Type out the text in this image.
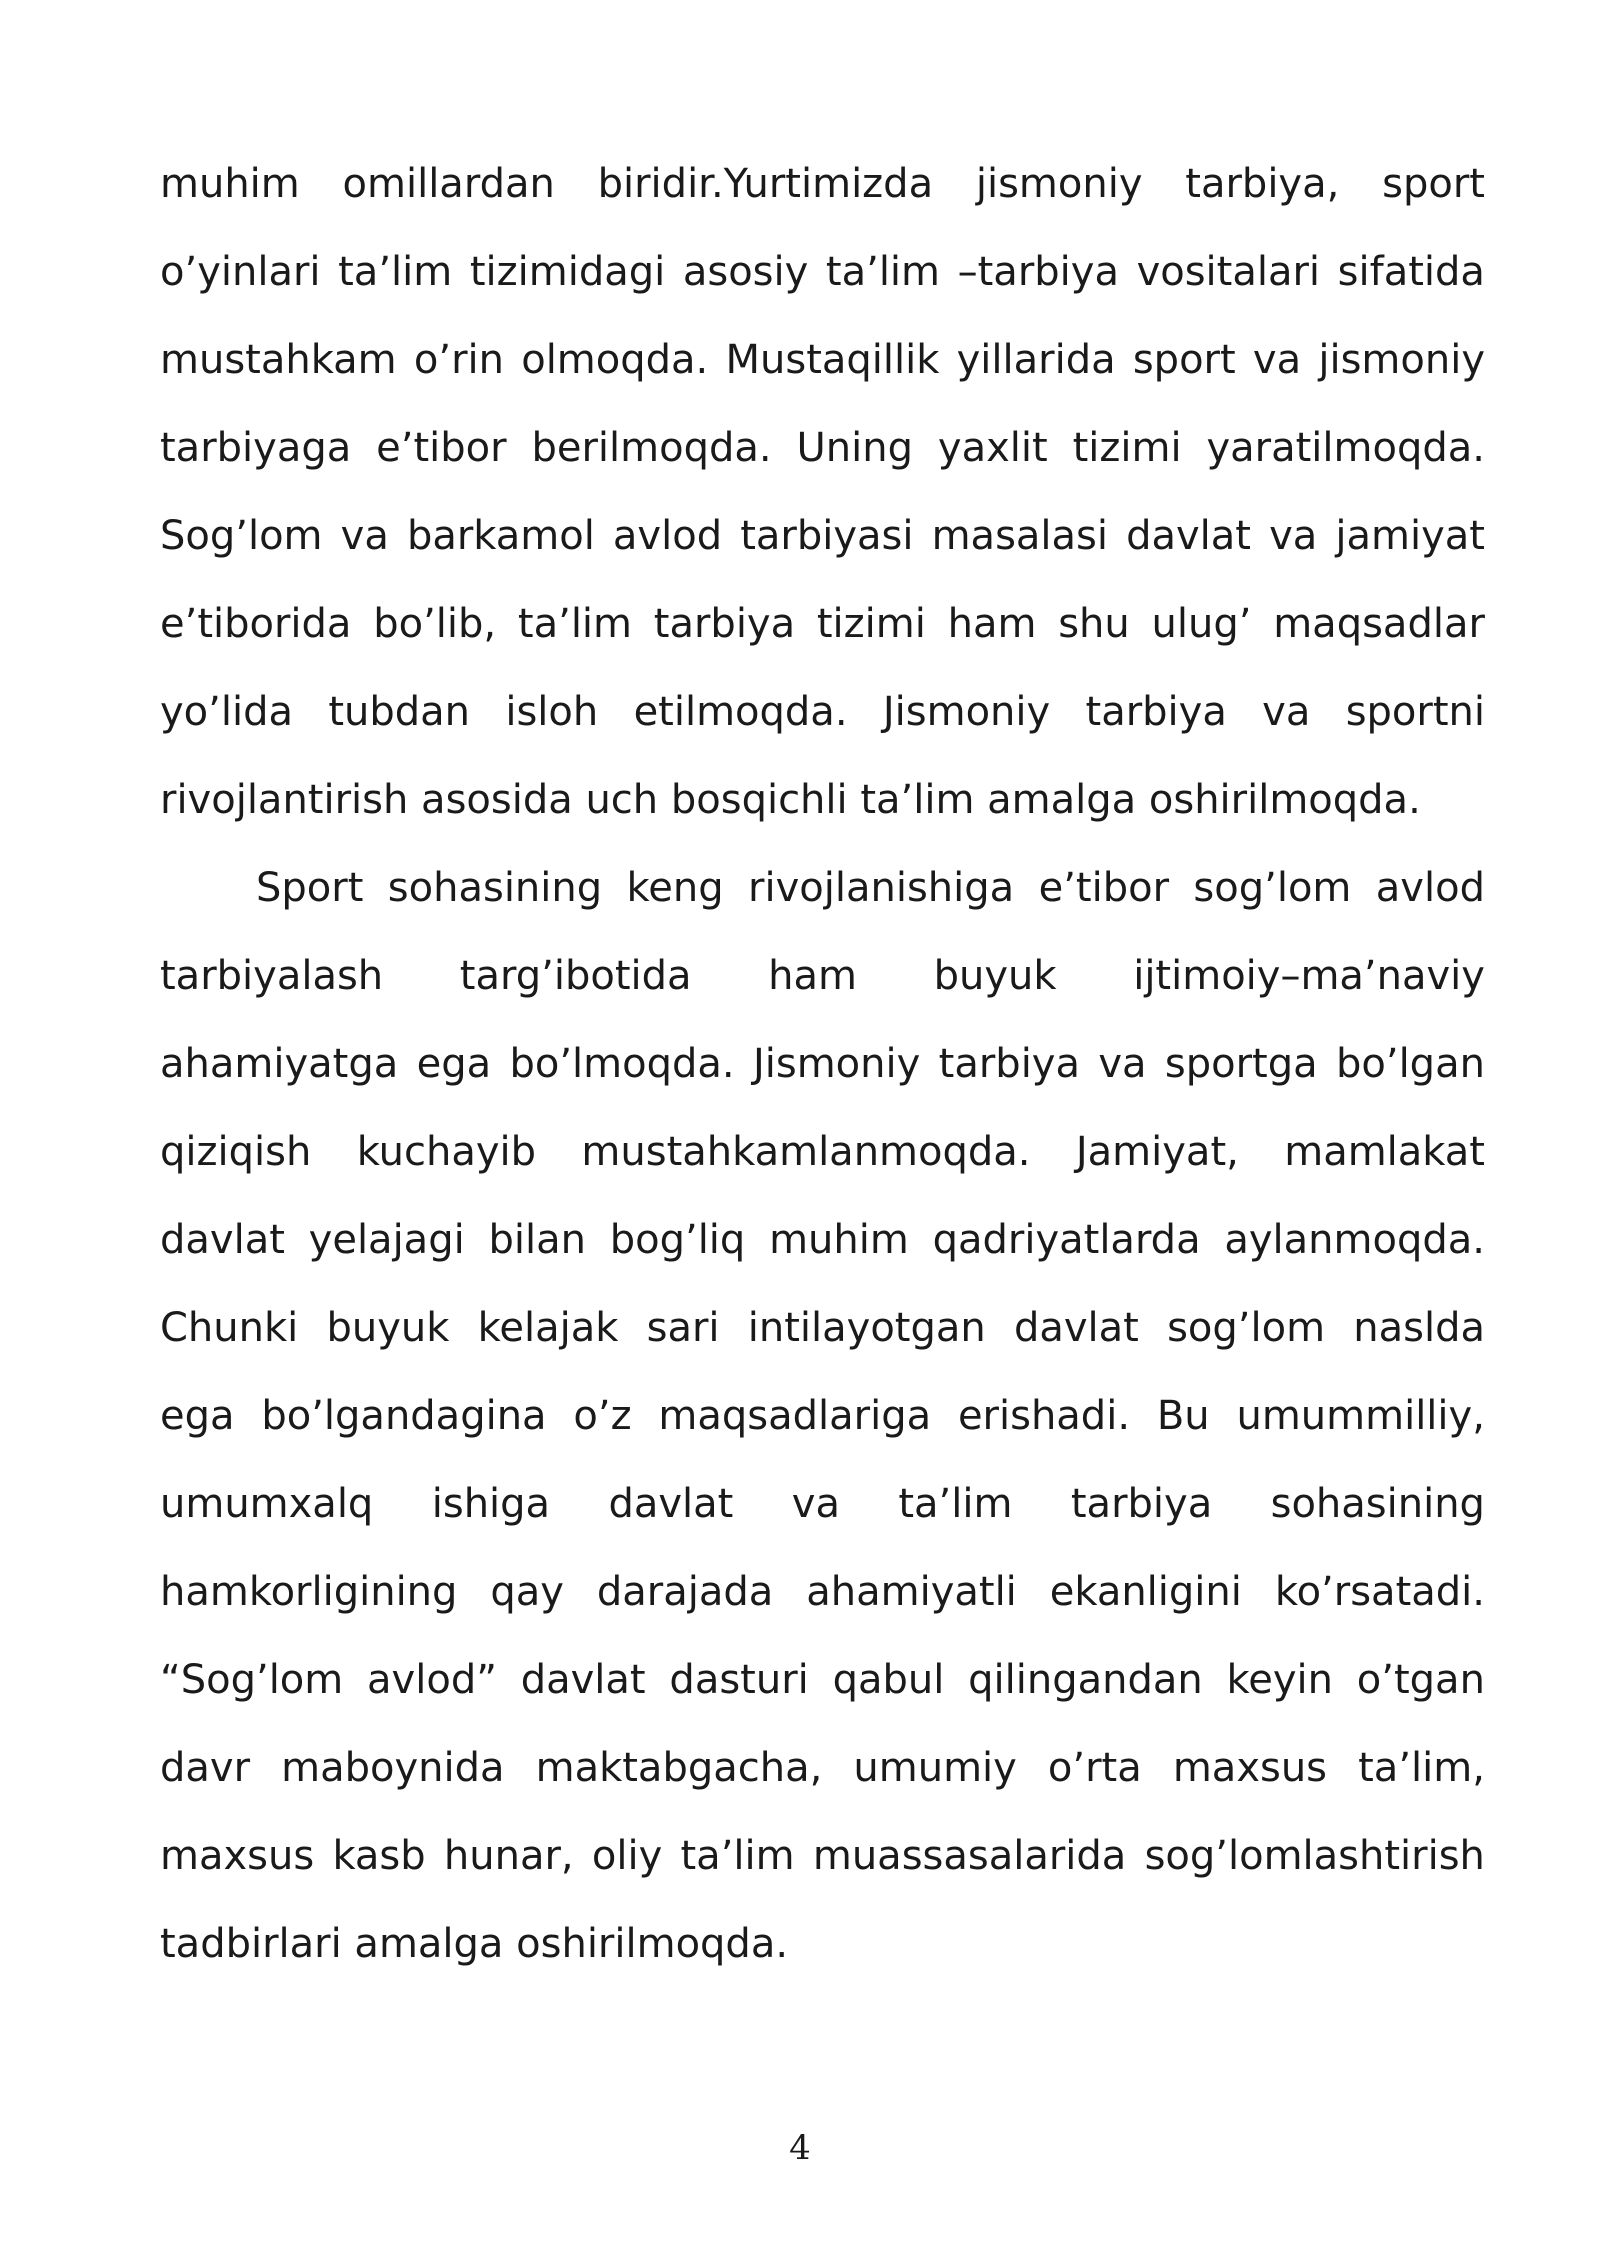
muhim omillardan biridir.Yurtimizda jismoniy tarbiya, sport
o’yinlari ta’lim tizimidagi asosiy ta’lim –tarbiya vositalari sifatida
mustahkam o’rin olmoqda. Mustaqillik yillarida sport va jismoniy
tarbiyaga e’tibor berilmoqda. Uning yaxlit tizimi yaratilmoqda.
Sog’lom va barkamol avlod tarbiyasi masalasi davlat va jamiyat
e’tiborida bo’lib, ta’lim tarbiya tizimi ham shu ulug’ maqsadlar
yo’lida tubdan isloh etilmoqda. Jismoniy tarbiya va sportni
rivojlantirish asosida uch bosqichli ta’lim amalga oshirilmoqda.
Sport sohasining keng rivojlanishiga e’tibor sog’lom avlod
tarbiyalash targ’ibotida ham buyuk ijtimoiy–ma’naviy
ahamiyatga ega bo’lmoqda. Jismoniy tarbiya va sportga bo’lgan
qiziqish kuchayib mustahkamlanmoqda. Jamiyat, mamlakat
davlat yelajagi bilan bog’liq muhim qadriyatlarda aylanmoqda.
Chunki buyuk kelajak sari intilayotgan davlat sog’lom naslda
ega bo’lgandagina o’z maqsadlariga erishadi. Bu umummilliy,
umumxalq ishiga davlat va ta’lim tarbiya sohasining
hamkorligining qay darajada ahamiyatli ekanligini ko’rsatadi.
“Sog’lom avlod” davlat dasturi qabul qilingandan keyin o’tgan
davr maboynida maktabgacha, umumiy o’rta maxsus ta’lim,
maxsus kasb hunar, oliy ta’lim muassasalarida sog’lomlashtirish
tadbirlari amalga oshirilmoqda.
4
